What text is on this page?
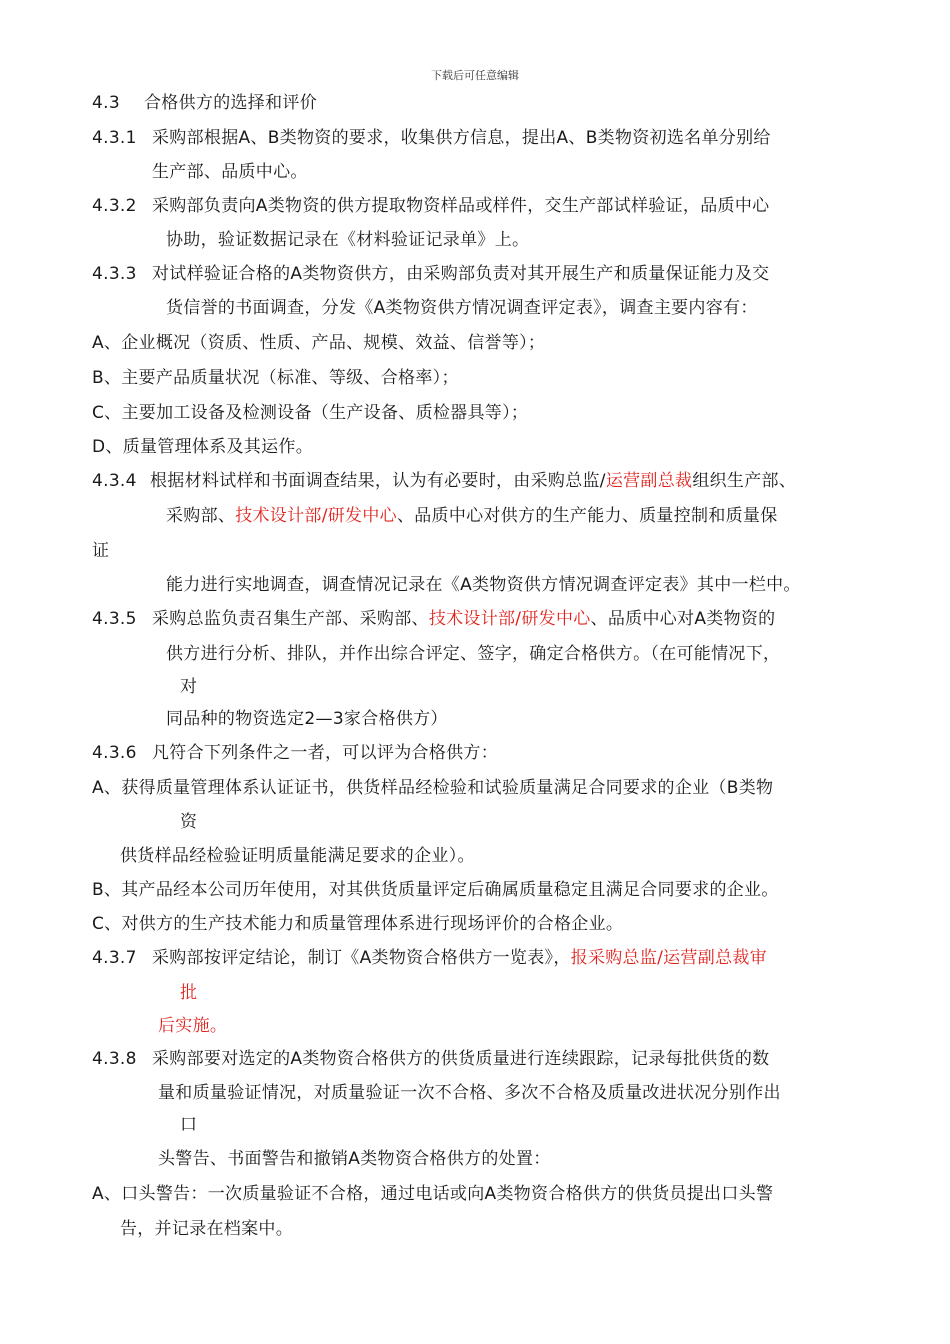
下载后可任意编辑
4.3 合格供方的选择和评价
4.3.1 采购部根据A、B类物资的要求，收集供方信息，提出A、B类物资初选名单分别给
生产部、品质中心。
4.3.2 采购部负责向A类物资的供方提取物资样品或样件，交生产部试样验证，品质中心
协助，验证数据记录在《材料验证记录单》上。
4.3.3 对试样验证合格的A类物资供方，由采购部负责对其开展生产和质量保证能力及交
货信誉的书面调查，分发《A类物资供方情况调查评定表》，调查主要内容有：
A、企业概况（资质、性质、产品、规模、效益、信誉等）；
B、主要产品质量状况（标准、等级、合格率）；
C、主要加工设备及检测设备（生产设备、质检器具等）；
D、质量管理体系及其运作。
4.3.4 根据材料试样和书面调查结果，认为有必要时，由采购总监/运营副总裁组织生产部、
采购部、技术设计部/研发中心、品质中心对供方的生产能力、质量控制和质量保
证
能力进行实地调查，调查情况记录在《A类物资供方情况调查评定表》其中一栏中。
4.3.5 采购总监负责召集生产部、采购部、技术设计部/研发中心、品质中心对A类物资的
供方进行分析、排队，并作出综合评定、签字，确定合格供方。（在可能情况下，
对
同品种的物资选定2—3家合格供方）
4.3.6 凡符合下列条件之一者，可以评为合格供方：
A、获得质量管理体系认证证书，供货样品经检验和试验质量满足合同要求的企业（B类物
资
供货样品经检验证明质量能满足要求的企业）。
B、其产品经本公司历年使用，对其供货质量评定后确属质量稳定且满足合同要求的企业。
C、对供方的生产技术能力和质量管理体系进行现场评价的合格企业。
4.3.7 采购部按评定结论，制订《A类物资合格供方一览表》，报采购总监/运营副总裁审
批
后实施。
4.3.8 采购部要对选定的A类物资合格供方的供货质量进行连续跟踪，记录每批供货的数
量和质量验证情况，对质量验证一次不合格、多次不合格及质量改进状况分别作出
口
头警告、书面警告和撤销A类物资合格供方的处置：
A、口头警告：一次质量验证不合格，通过电话或向A类物资合格供方的供货员提出口头警
告，并记录在档案中。
